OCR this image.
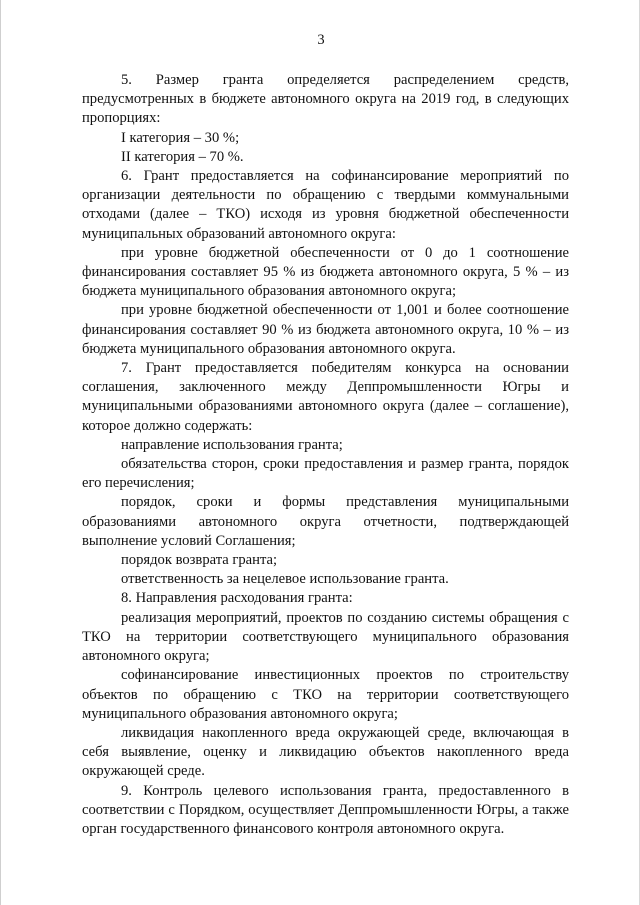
3

5. Размер гранта определяется распределением средств, предусмотренных в бюджете автономного округа на 2019 год, в следующих пропорциях:

I категория – 30 %;

II категория – 70 %.

6. Грант предоставляется на софинансирование мероприятий по организации деятельности по обращению с твердыми коммунальными отходами (далее – ТКО) исходя из уровня бюджетной обеспеченности муниципальных образований автономного округа:

при уровне бюджетной обеспеченности от 0 до 1 соотношение финансирования составляет 95 % из бюджета автономного округа, 5 % – из бюджета муниципального образования автономного округа;

при уровне бюджетной обеспеченности от 1,001 и более соотношение финансирования составляет 90 % из бюджета автономного округа, 10 % – из бюджета муниципального образования автономного округа.

7. Грант предоставляется победителям конкурса на основании соглашения, заключенного между Деппромышленности Югры и муниципальными образованиями автономного округа (далее – соглашение), которое должно содержать:

направление использования гранта;

обязательства сторон, сроки предоставления и размер гранта, порядок его перечисления;

порядок, сроки и формы представления муниципальными образованиями автономного округа отчетности, подтверждающей выполнение условий Соглашения;

порядок возврата гранта;

ответственность за нецелевое использование гранта.

8. Направления расходования гранта:

реализация мероприятий, проектов по созданию системы обращения с ТКО на территории соответствующего муниципального образования автономного округа;

софинансирование инвестиционных проектов по строительству объектов по обращению с ТКО на территории соответствующего муниципального образования автономного округа;

ликвидация накопленного вреда окружающей среде, включающая в себя выявление, оценку и ликвидацию объектов накопленного вреда окружающей среде.

9. Контроль целевого использования гранта, предоставленного в соответствии с Порядком, осуществляет Деппромышленности Югры, а также орган государственного финансового контроля автономного округа.
